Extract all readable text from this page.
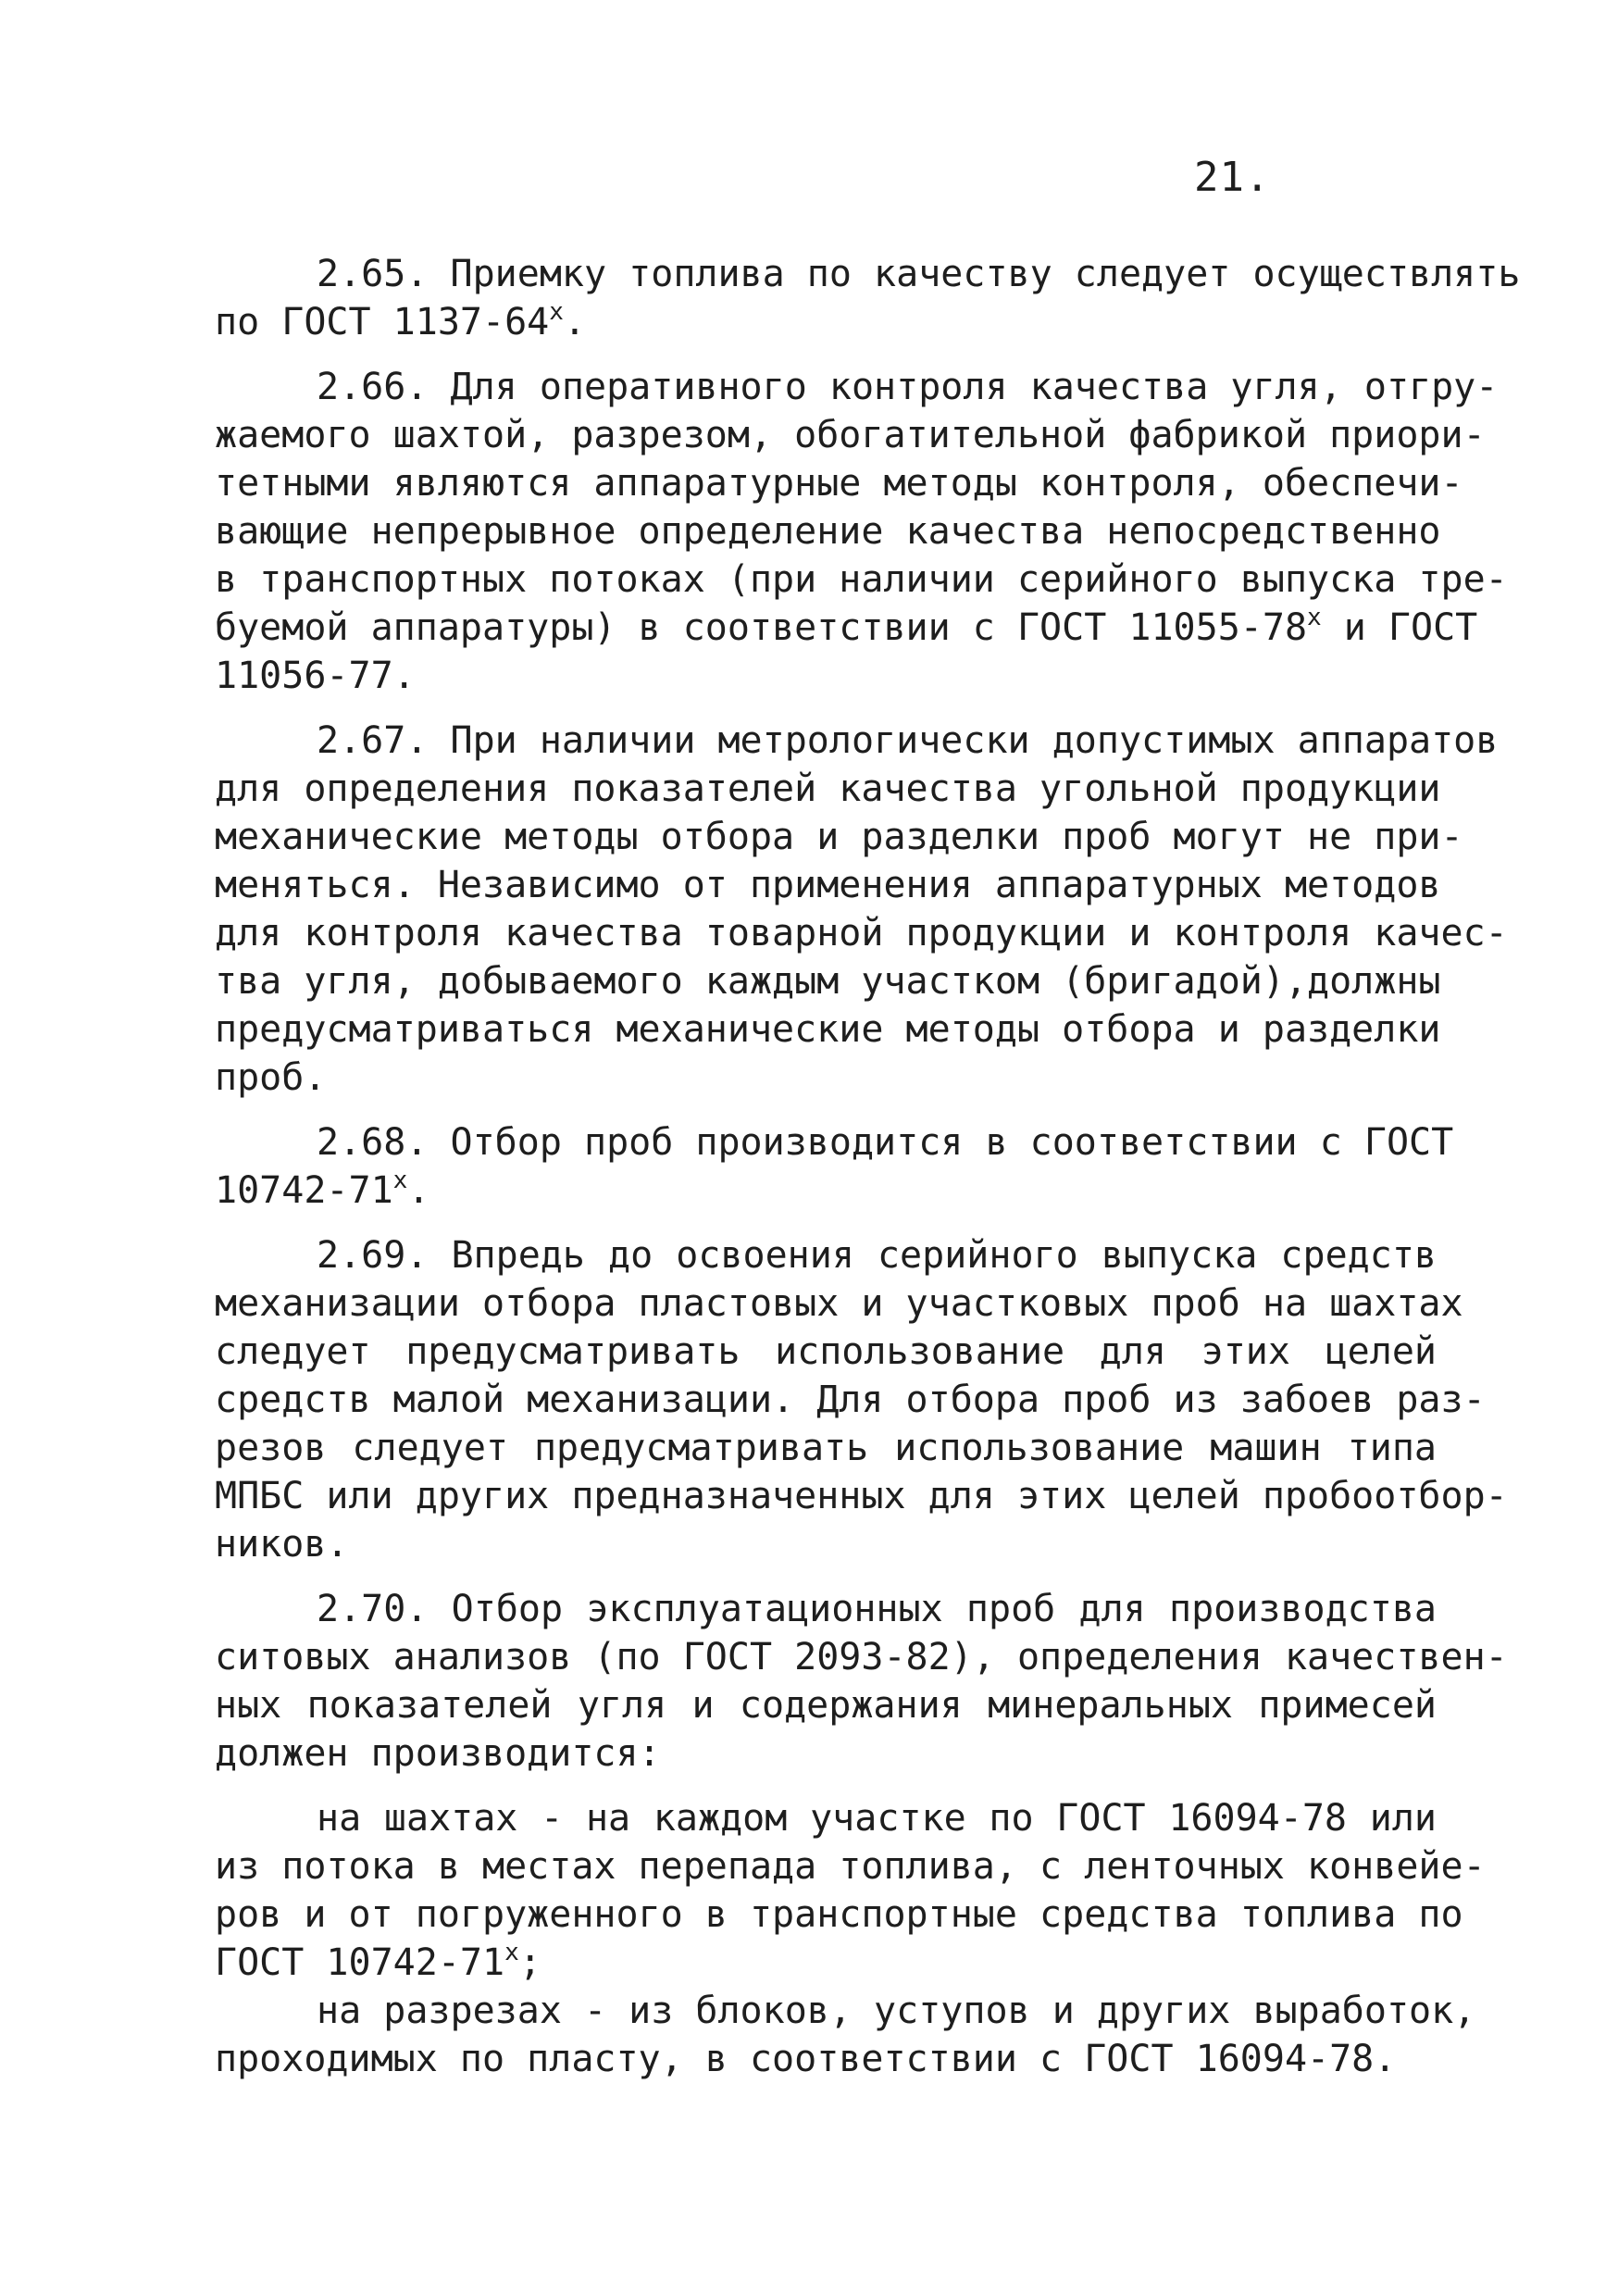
21.
2.65. Приемку топлива по качеству следует осуществлять
по ГОСТ 1137-64$^x$.
2.66. Для оперативного контроля качества угля, отгру-
жаемого шахтой, разрезом, обогатительной фабрикой приори-
тетными являются аппаратурные методы контроля, обеспечи-
вающие непрерывное определение качества непосредственно
в транспортных потоках (при наличии серийного выпуска тре-
буемой аппаратуры) в соответствии с ГОСТ 11055-78$^x$ и ГОСТ
11056-77.
2.67. При наличии метрологически допустимых аппаратов
для определения показателей качества угольной продукции
механические методы отбора и разделки проб могут не при-
меняться. Независимо от применения аппаратурных методов
для контроля качества товарной продукции и контроля качес-
тва угля, добываемого каждым участком (бригадой),должны
предусматриваться механические методы отбора и разделки
проб.
2.68. Отбор проб производится в соответствии с ГОСТ
10742-71$^x$.
2.69. Впредь до освоения серийного выпуска средств
механизации отбора пластовых и участковых проб на шахтах
следует предусматривать использование для этих целей
средств малой механизации. Для отбора проб из забоев раз-
резов следует предусматривать использование машин типа
МПБС или других предназначенных для этих целей пробоотбор-
ников.
2.70. Отбор эксплуатационных проб для производства
ситовых анализов (по ГОСТ 2093-82), определения качествен-
ных показателей угля и содержания минеральных примесей
должен производится:
на шахтах - на каждом участке по ГОСТ 16094-78 или
из потока в местах перепада топлива, с ленточных конвейе-
ров и от погруженного в транспортные средства топлива по
ГОСТ 10742-71$^x$;
на разрезах - из блоков, уступов и других выработок,
проходимых по пласту, в соответствии с ГОСТ 16094-78.
